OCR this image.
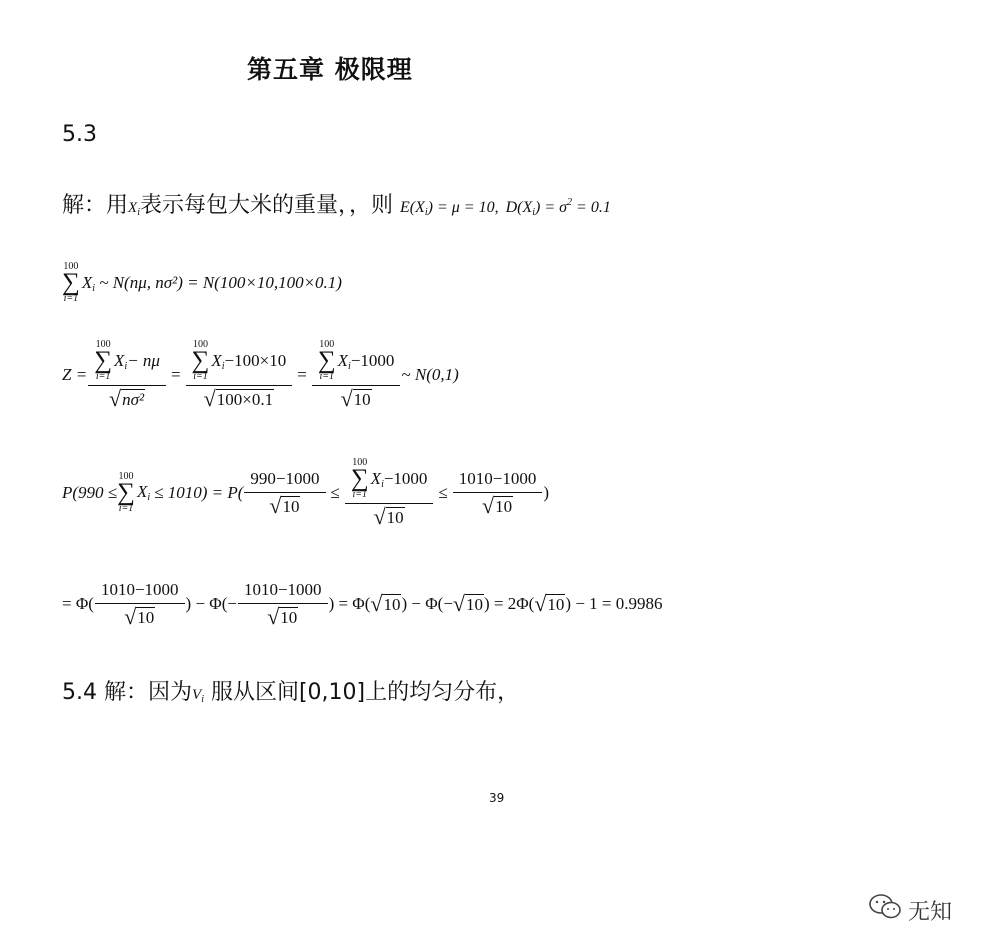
第五章 极限理
5.3
解：用$X_i$表示每包大米的重量，，则 $E(X_i) = \mu = 10$, $D(X_i) = \sigma^2 = 0.1$
100
∑
i=1
$X_i$
~ N(nμ, nσ²) = N(100×10,100×0.1)
Z = 100
∑
i=1
$X_i - n\mu$
√ nσ² = 100
∑
i=1
$X_i -100\times 10$
√ 100×0.1 = 100
∑
i=1
$X_i -1000$
√ 10 ~ N(0,1)
P(990 ≤
100
∑
i=1
$X_i \le 1010) = P( \frac{990-1000}{√ 10} \le 100$
∑
i=1
$X_i -1000$
√ $10 \le \frac{1010-1000}{√ 10}$ )
= $\Phi( \frac{1010-1000}{√ 10}$ ) − $\Phi(- \frac{1010-1000}{√ 10}$ ) = Φ( √ 10 ) − Φ(− √ 10 ) = 2Φ( √ 10 ) − 1 = 0.9986
5.4 解：因为$V_i$ 服从区间[0,10]上的均匀分布，
39
无知
